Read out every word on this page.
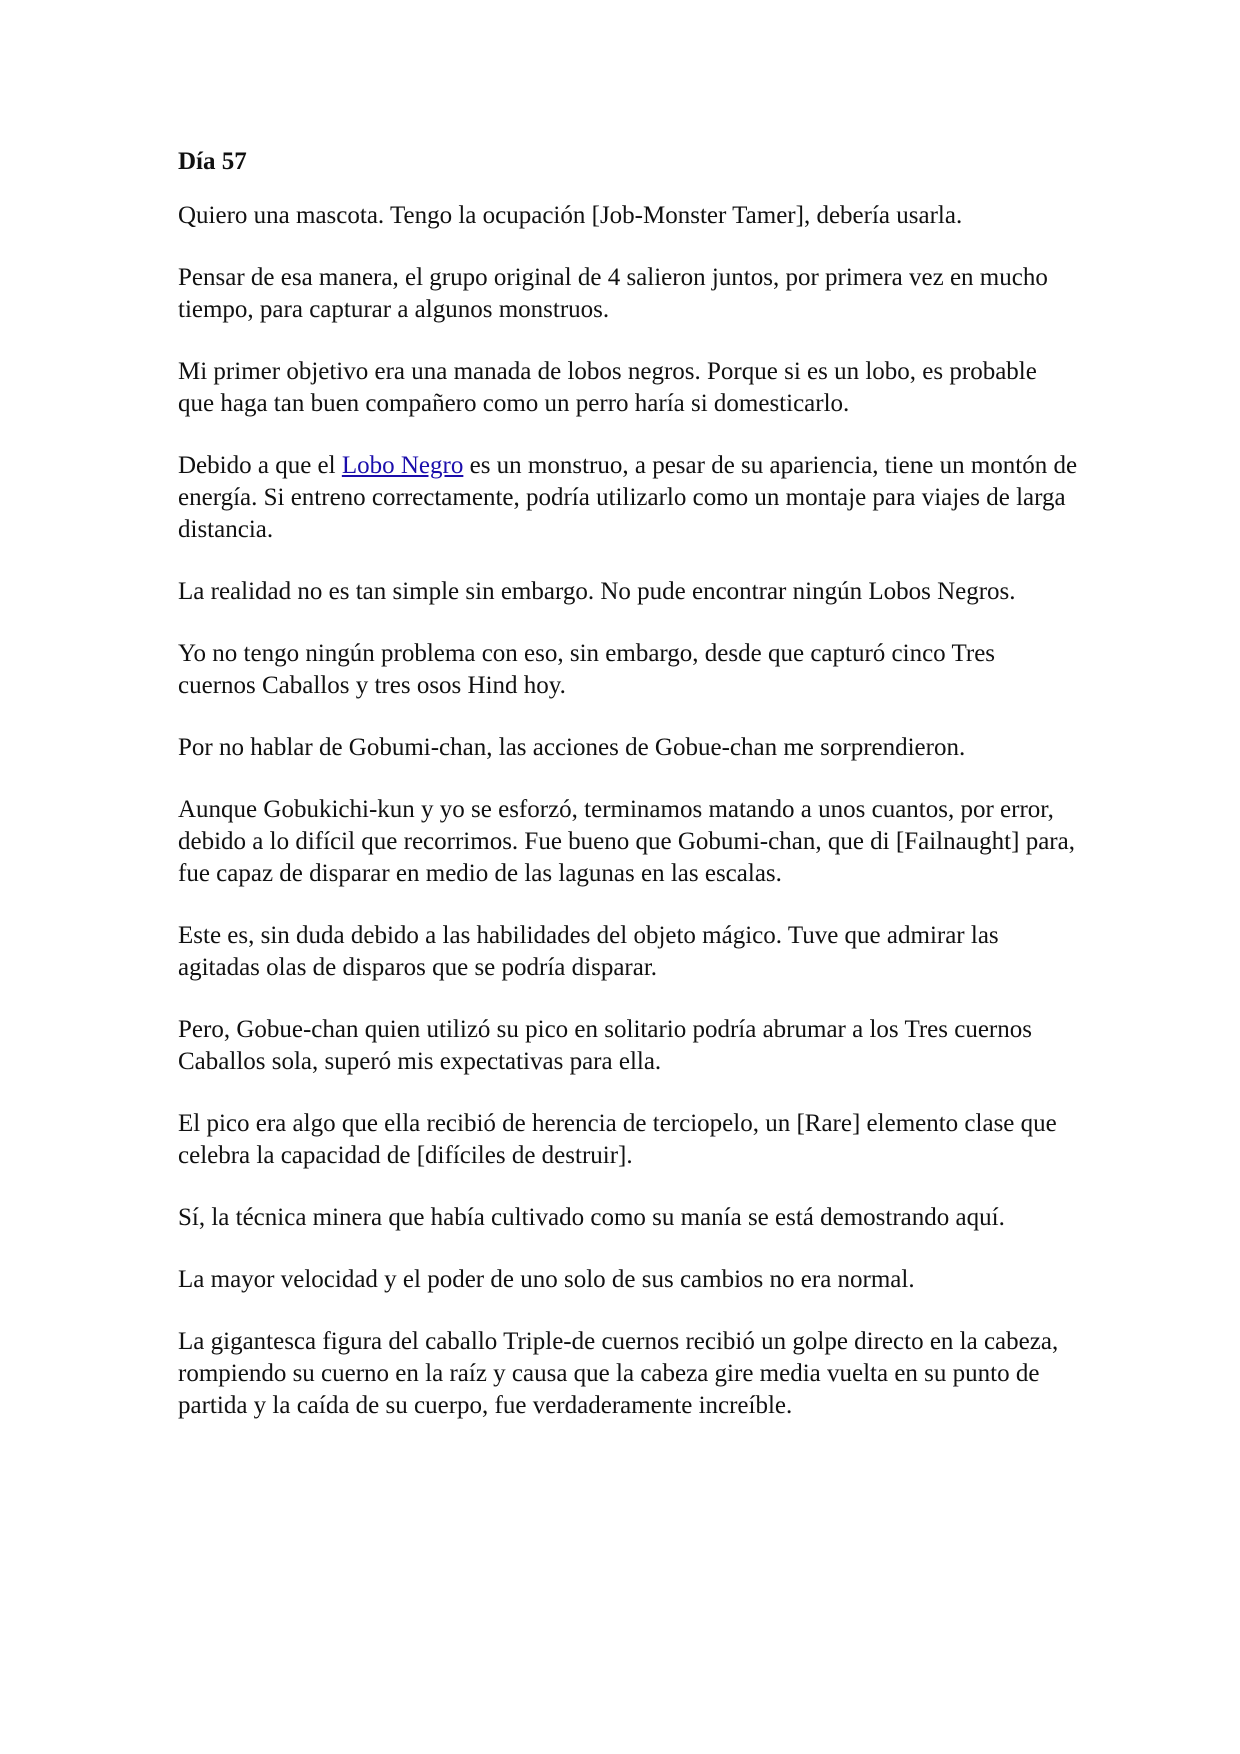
Día 57

Quiero una mascota. Tengo la ocupación [Job-Monster Tamer], debería usarla.

Pensar de esa manera, el grupo original de 4 salieron juntos, por primera vez en mucho tiempo, para capturar a algunos monstruos.

Mi primer objetivo era una manada de lobos negros. Porque si es un lobo, es probable que haga tan buen compañero como un perro haría si domesticarlo.

Debido a que el Lobo Negro es un monstruo, a pesar de su apariencia, tiene un montón de energía. Si entreno correctamente, podría utilizarlo como un montaje para viajes de larga distancia.

La realidad no es tan simple sin embargo. No pude encontrar ningún Lobos Negros.

Yo no tengo ningún problema con eso, sin embargo, desde que capturó cinco Tres cuernos Caballos y tres osos Hind hoy.

Por no hablar de Gobumi-chan, las acciones de Gobue-chan me sorprendieron.

Aunque Gobukichi-kun y yo se esforzó, terminamos matando a unos cuantos, por error, debido a lo difícil que recorrimos. Fue bueno que Gobumi-chan, que di [Failnaught] para, fue capaz de disparar en medio de las lagunas en las escalas.

Este es, sin duda debido a las habilidades del objeto mágico. Tuve que admirar las agitadas olas de disparos que se podría disparar.

Pero, Gobue-chan quien utilizó su pico en solitario podría abrumar a los Tres cuernos Caballos sola, superó mis expectativas para ella.

El pico era algo que ella recibió de herencia de terciopelo, un [Rare] elemento clase que celebra la capacidad de [difíciles de destruir].

Sí, la técnica minera que había cultivado como su manía se está demostrando aquí.

La mayor velocidad y el poder de uno solo de sus cambios no era normal.

La gigantesca figura del caballo Triple-de cuernos recibió un golpe directo en la cabeza, rompiendo su cuerno en la raíz y causa que la cabeza gire media vuelta en su punto de partida y la caída de su cuerpo, fue verdaderamente increíble.
